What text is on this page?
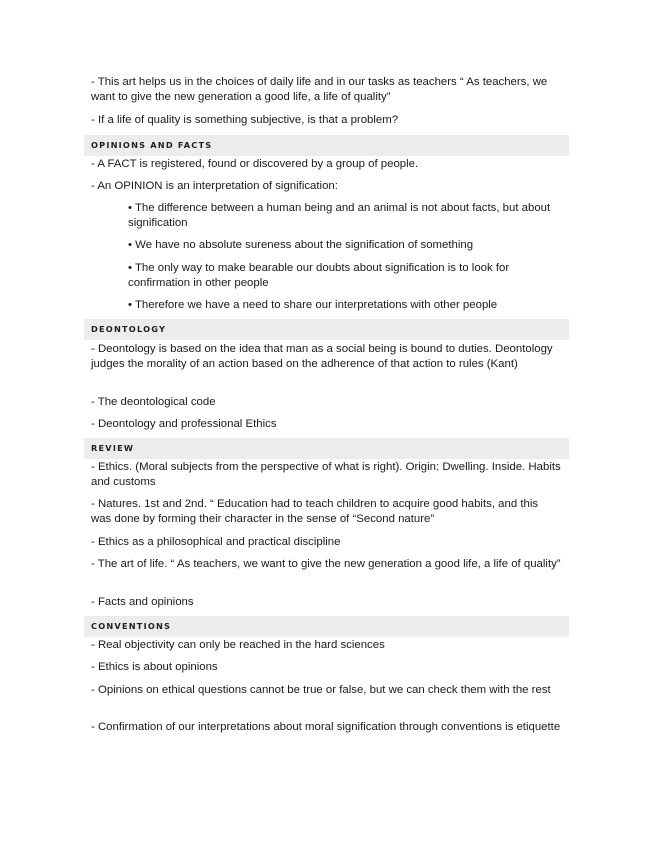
- This art helps us in the choices of daily life and in our tasks as teachers “ As teachers, we want to give the new generation a good life, a life of quality”

- If a life of quality is something subjective, is that a problem?

OPINIONS AND FACTS

- A FACT is registered, found or discovered by a group of people.

- An OPINION is an interpretation of signification:

• The difference between a human being and an animal is not about facts, but about signification

• We have no absolute sureness about the signification of something

• The only way to make bearable our doubts about signification is to look for confirmation in other people

• Therefore we have a need to share our interpretations with other people

DEONTOLOGY

- Deontology is based on the idea that man as a social being is bound to duties. Deontology judges the morality of an action based on the adherence of that action to rules (Kant)

- The deontological code

- Deontology and professional Ethics

REVIEW

- Ethics. (Moral subjects from the perspective of what is right). Origin: Dwelling. Inside. Habits and customs

- Natures. 1st and 2nd. “ Education had to teach children to acquire good habits, and this was done by forming their character in the sense of “Second nature”

- Ethics as a philosophical and practical discipline

- The art of life. “ As teachers, we want to give the new generation a good life, a life of quality”

- Facts and opinions

CONVENTIONS

- Real objectivity can only be reached in the hard sciences

- Ethics is about opinions

- Opinions on ethical questions cannot be true or false, but we can check them with the rest

- Confirmation of our interpretations about moral signification through conventions is etiquette
